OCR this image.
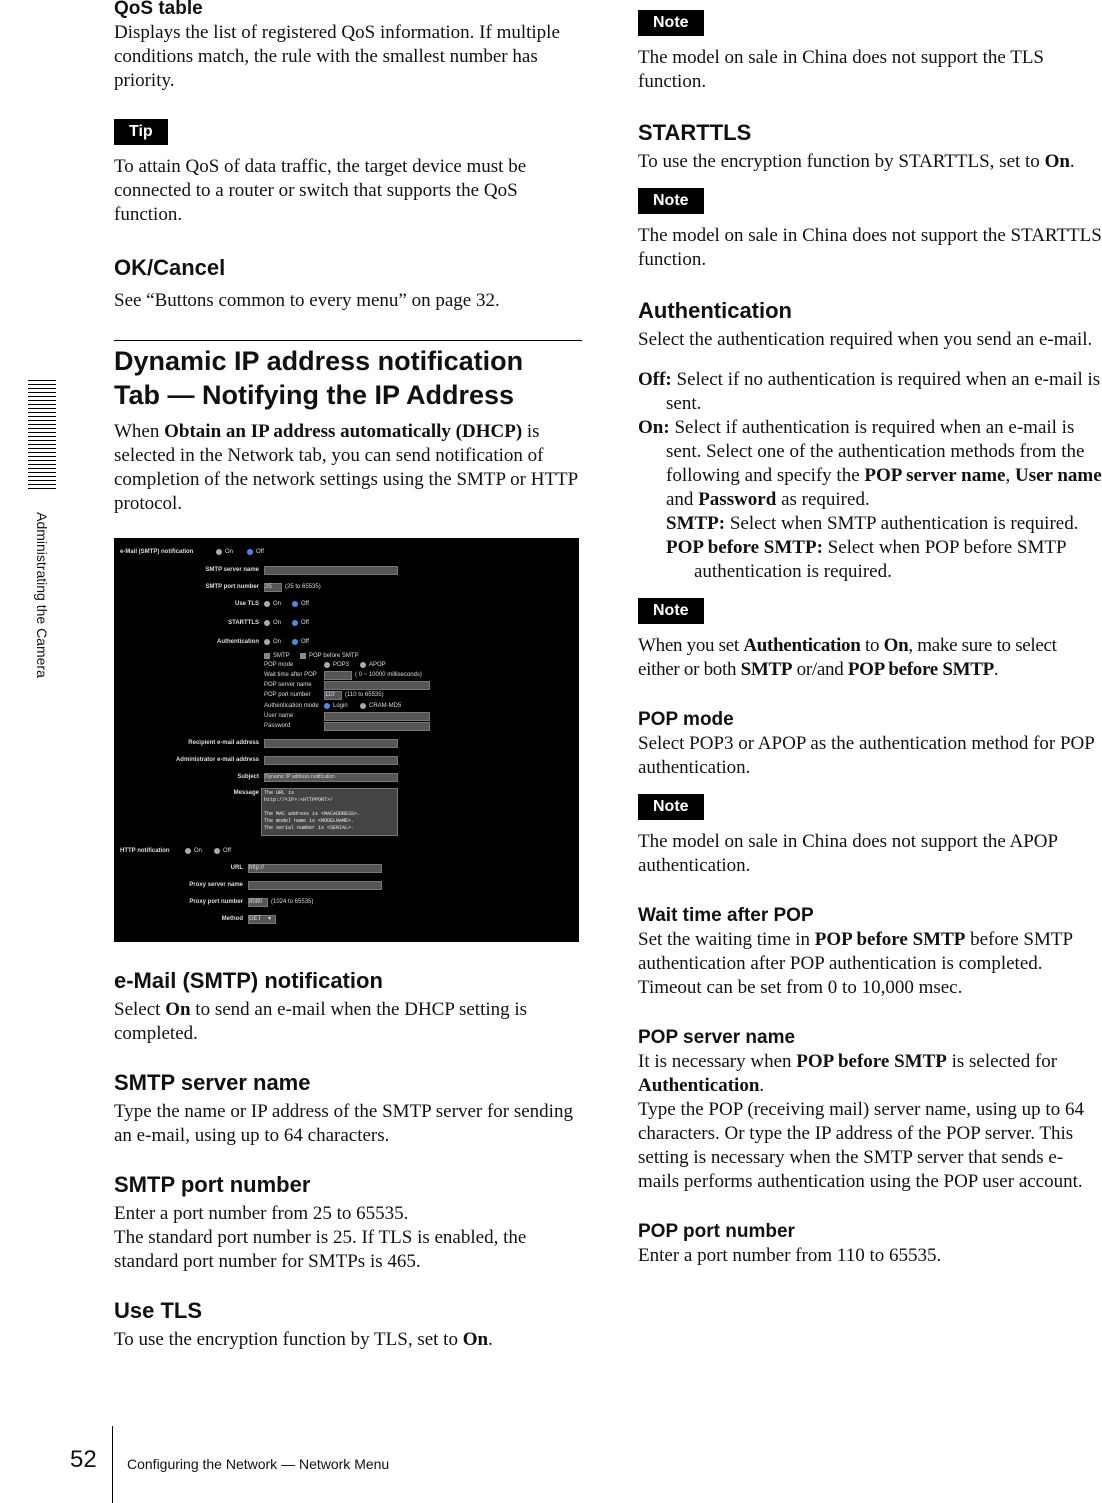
Administrating the Camera
QoS table

Displays the list of registered QoS information. If multiple conditions match, the rule with the smallest number has priority.

Tip

To attain QoS of data traffic, the target device must be connected to a router or switch that supports the QoS function.

OK/Cancel

See “Buttons common to every menu” on page 32.

Dynamic IP address notification
Tab — Notifying the IP Address

When Obtain an IP address automatically (DHCP) is selected in the Network tab, you can send notification of completion of the network settings using the SMTP or HTTP protocol.

e-Mail (SMTP) notification	On	Off
SMTP server name
SMTP port number 25	(25 to 65535)
Use TLS On	Off
STARTTLS On	Off
Authentication On	Off
SMTP	POP before SMTP
POP mode	POP3	APOP
Wait time after POP	( 0 ~ 10000 milliseconds)
POP server name
POP port number 110	(110 to 65535)
Authentication mode Login	CRAM-MD5
User name
Password
Recipient e-mail address
Administrator e-mail address
Subject Dynamic IP address notification
Message	The URL is
http://<IP>:<HTTPPORT>/

The MAC address is <MACADDRESS>.
The model name is <MODELNAME>.
The serial number is <SERIAL>.
HTTP notification	On	Off
URL http://
Proxy server name
Proxy port number 8080	(1024 to 65535)
Method GET	▾
e-Mail (SMTP) notification

Select On to send an e-mail when the DHCP setting is completed.

SMTP server name

Type the name or IP address of the SMTP server for sending an e-mail, using up to 64 characters.

SMTP port number

Enter a port number from 25 to 65535.

The standard port number is 25. If TLS is enabled, the standard port number for SMTPs is 465.

Use TLS

To use the encryption function by TLS, set to On.

Note

The model on sale in China does not support the TLS function.

STARTTLS

To use the encryption function by STARTTLS, set to On.

Note

The model on sale in China does not support the STARTTLS function.

Authentication

Select the authentication required when you send an e-mail.

Off: Select if no authentication is required when an e-mail is sent.

On: Select if authentication is required when an e-mail is sent. Select one of the authentication methods from the following and specify the POP server name, User name and Password as required.

SMTP: Select when SMTP authentication is required.

POP before SMTP: Select when POP before SMTP authentication is required.

Note

When you set Authentication to On, make sure to select either or both SMTP or/and POP before SMTP.

POP mode

Select POP3 or APOP as the authentication method for POP authentication.

Note

The model on sale in China does not support the APOP authentication.

Wait time after POP

Set the waiting time in POP before SMTP before SMTP authentication after POP authentication is completed. Timeout can be set from 0 to 10,000 msec.

POP server name

It is necessary when POP before SMTP is selected for Authentication.

Type the POP (receiving mail) server name, using up to 64 characters. Or type the IP address of the POP server. This setting is necessary when the SMTP server that sends e-mails performs authentication using the POP user account.

POP port number

Enter a port number from 110 to 65535.

52 Configuring the Network — Network Menu
